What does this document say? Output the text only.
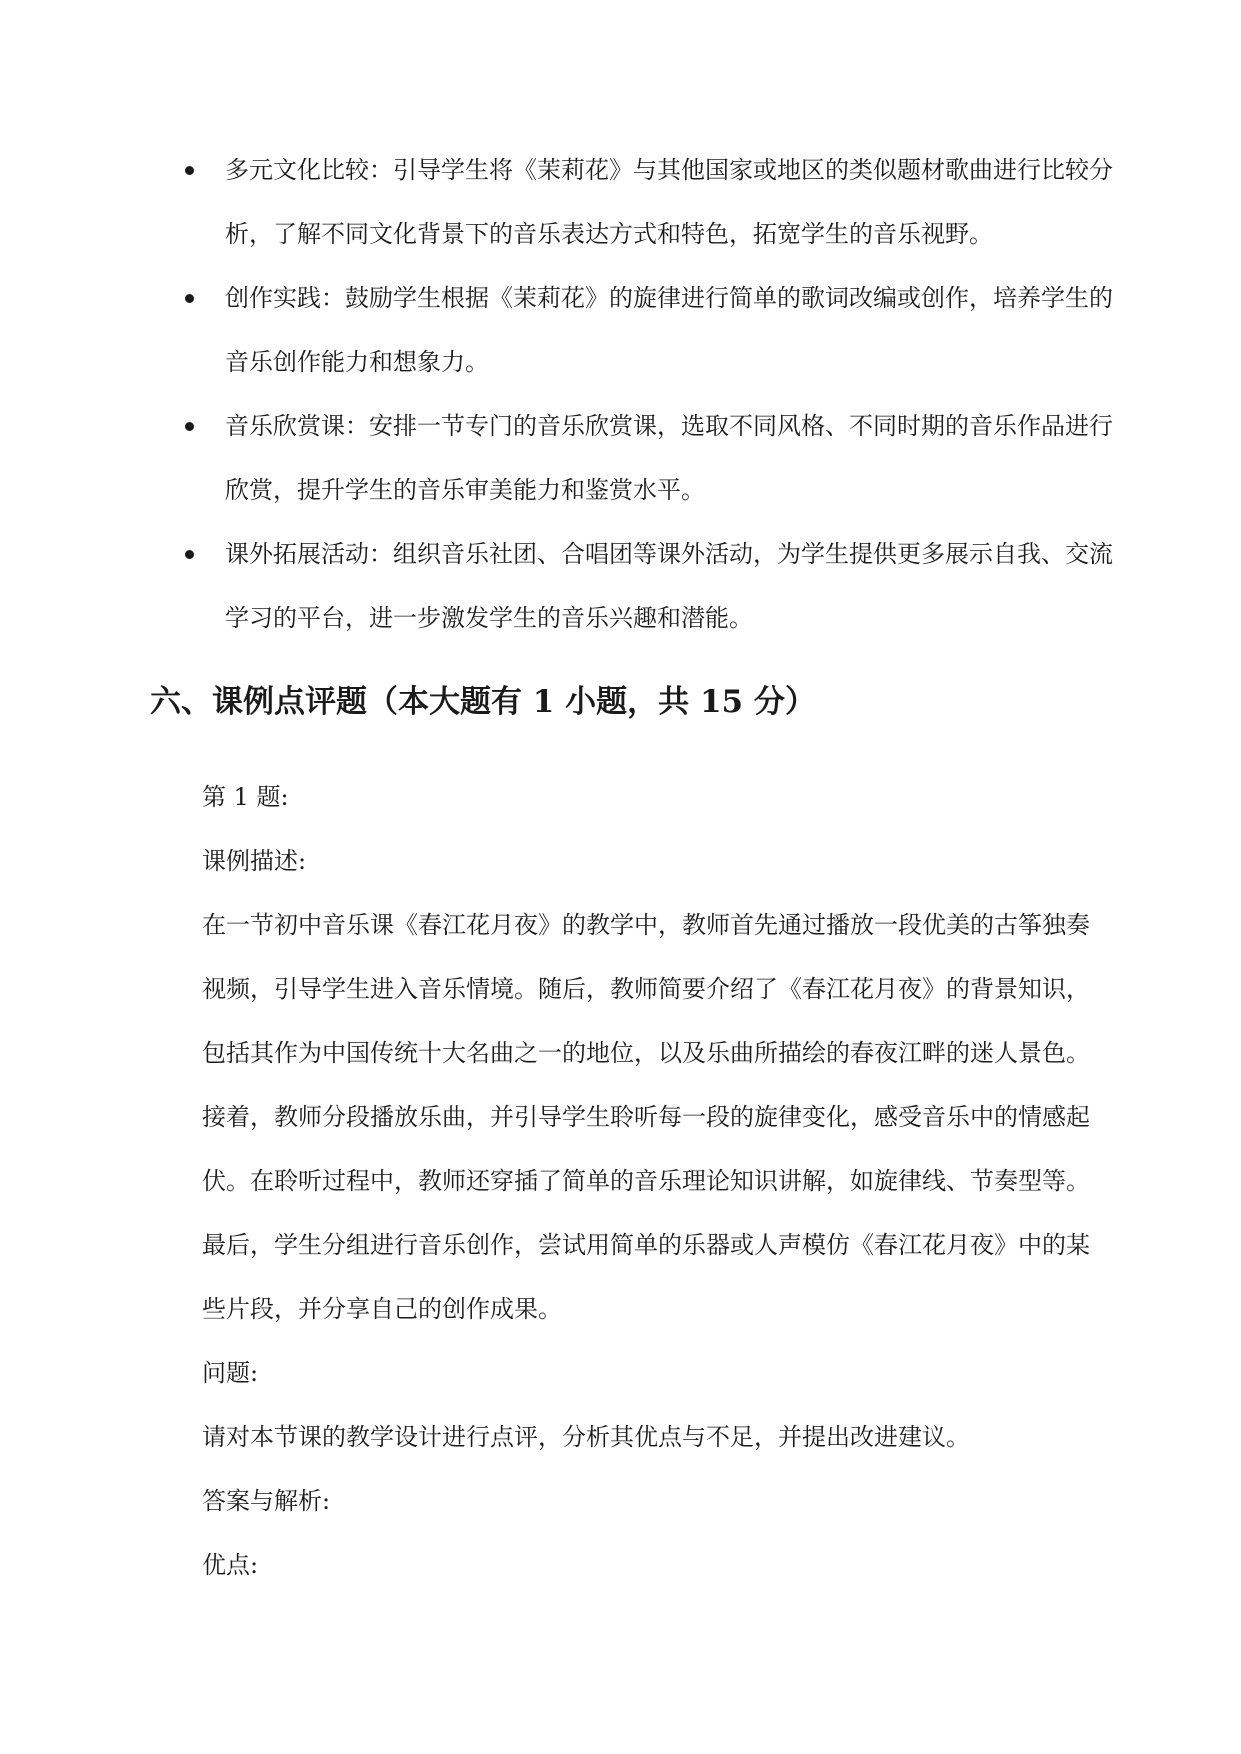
多元文化比较：引导学生将《茉莉花》与其他国家或地区的类似题材歌曲进行比较分析，了解不同文化背景下的音乐表达方式和特色，拓宽学生的音乐视野。
创作实践：鼓励学生根据《茉莉花》的旋律进行简单的歌词改编或创作，培养学生的音乐创作能力和想象力。
音乐欣赏课：安排一节专门的音乐欣赏课，选取不同风格、不同时期的音乐作品进行欣赏，提升学生的音乐审美能力和鉴赏水平。
课外拓展活动：组织音乐社团、合唱团等课外活动，为学生提供更多展示自我、交流学习的平台，进一步激发学生的音乐兴趣和潜能。
六、课例点评题（本大题有 1 小题，共 15 分）

第 1 题:

课例描述:

在一节初中音乐课《春江花月夜》的教学中，教师首先通过播放一段优美的古筝独奏视频，引导学生进入音乐情境。随后，教师简要介绍了《春江花月夜》的背景知识，包括其作为中国传统十大名曲之一的地位，以及乐曲所描绘的春夜江畔的迷人景色。接着，教师分段播放乐曲，并引导学生聆听每一段的旋律变化，感受音乐中的情感起伏。在聆听过程中，教师还穿插了简单的音乐理论知识讲解，如旋律线、节奏型等。最后，学生分组进行音乐创作，尝试用简单的乐器或人声模仿《春江花月夜》中的某些片段，并分享自己的创作成果。

问题:

请对本节课的教学设计进行点评，分析其优点与不足，并提出改进建议。

答案与解析:

优点:
